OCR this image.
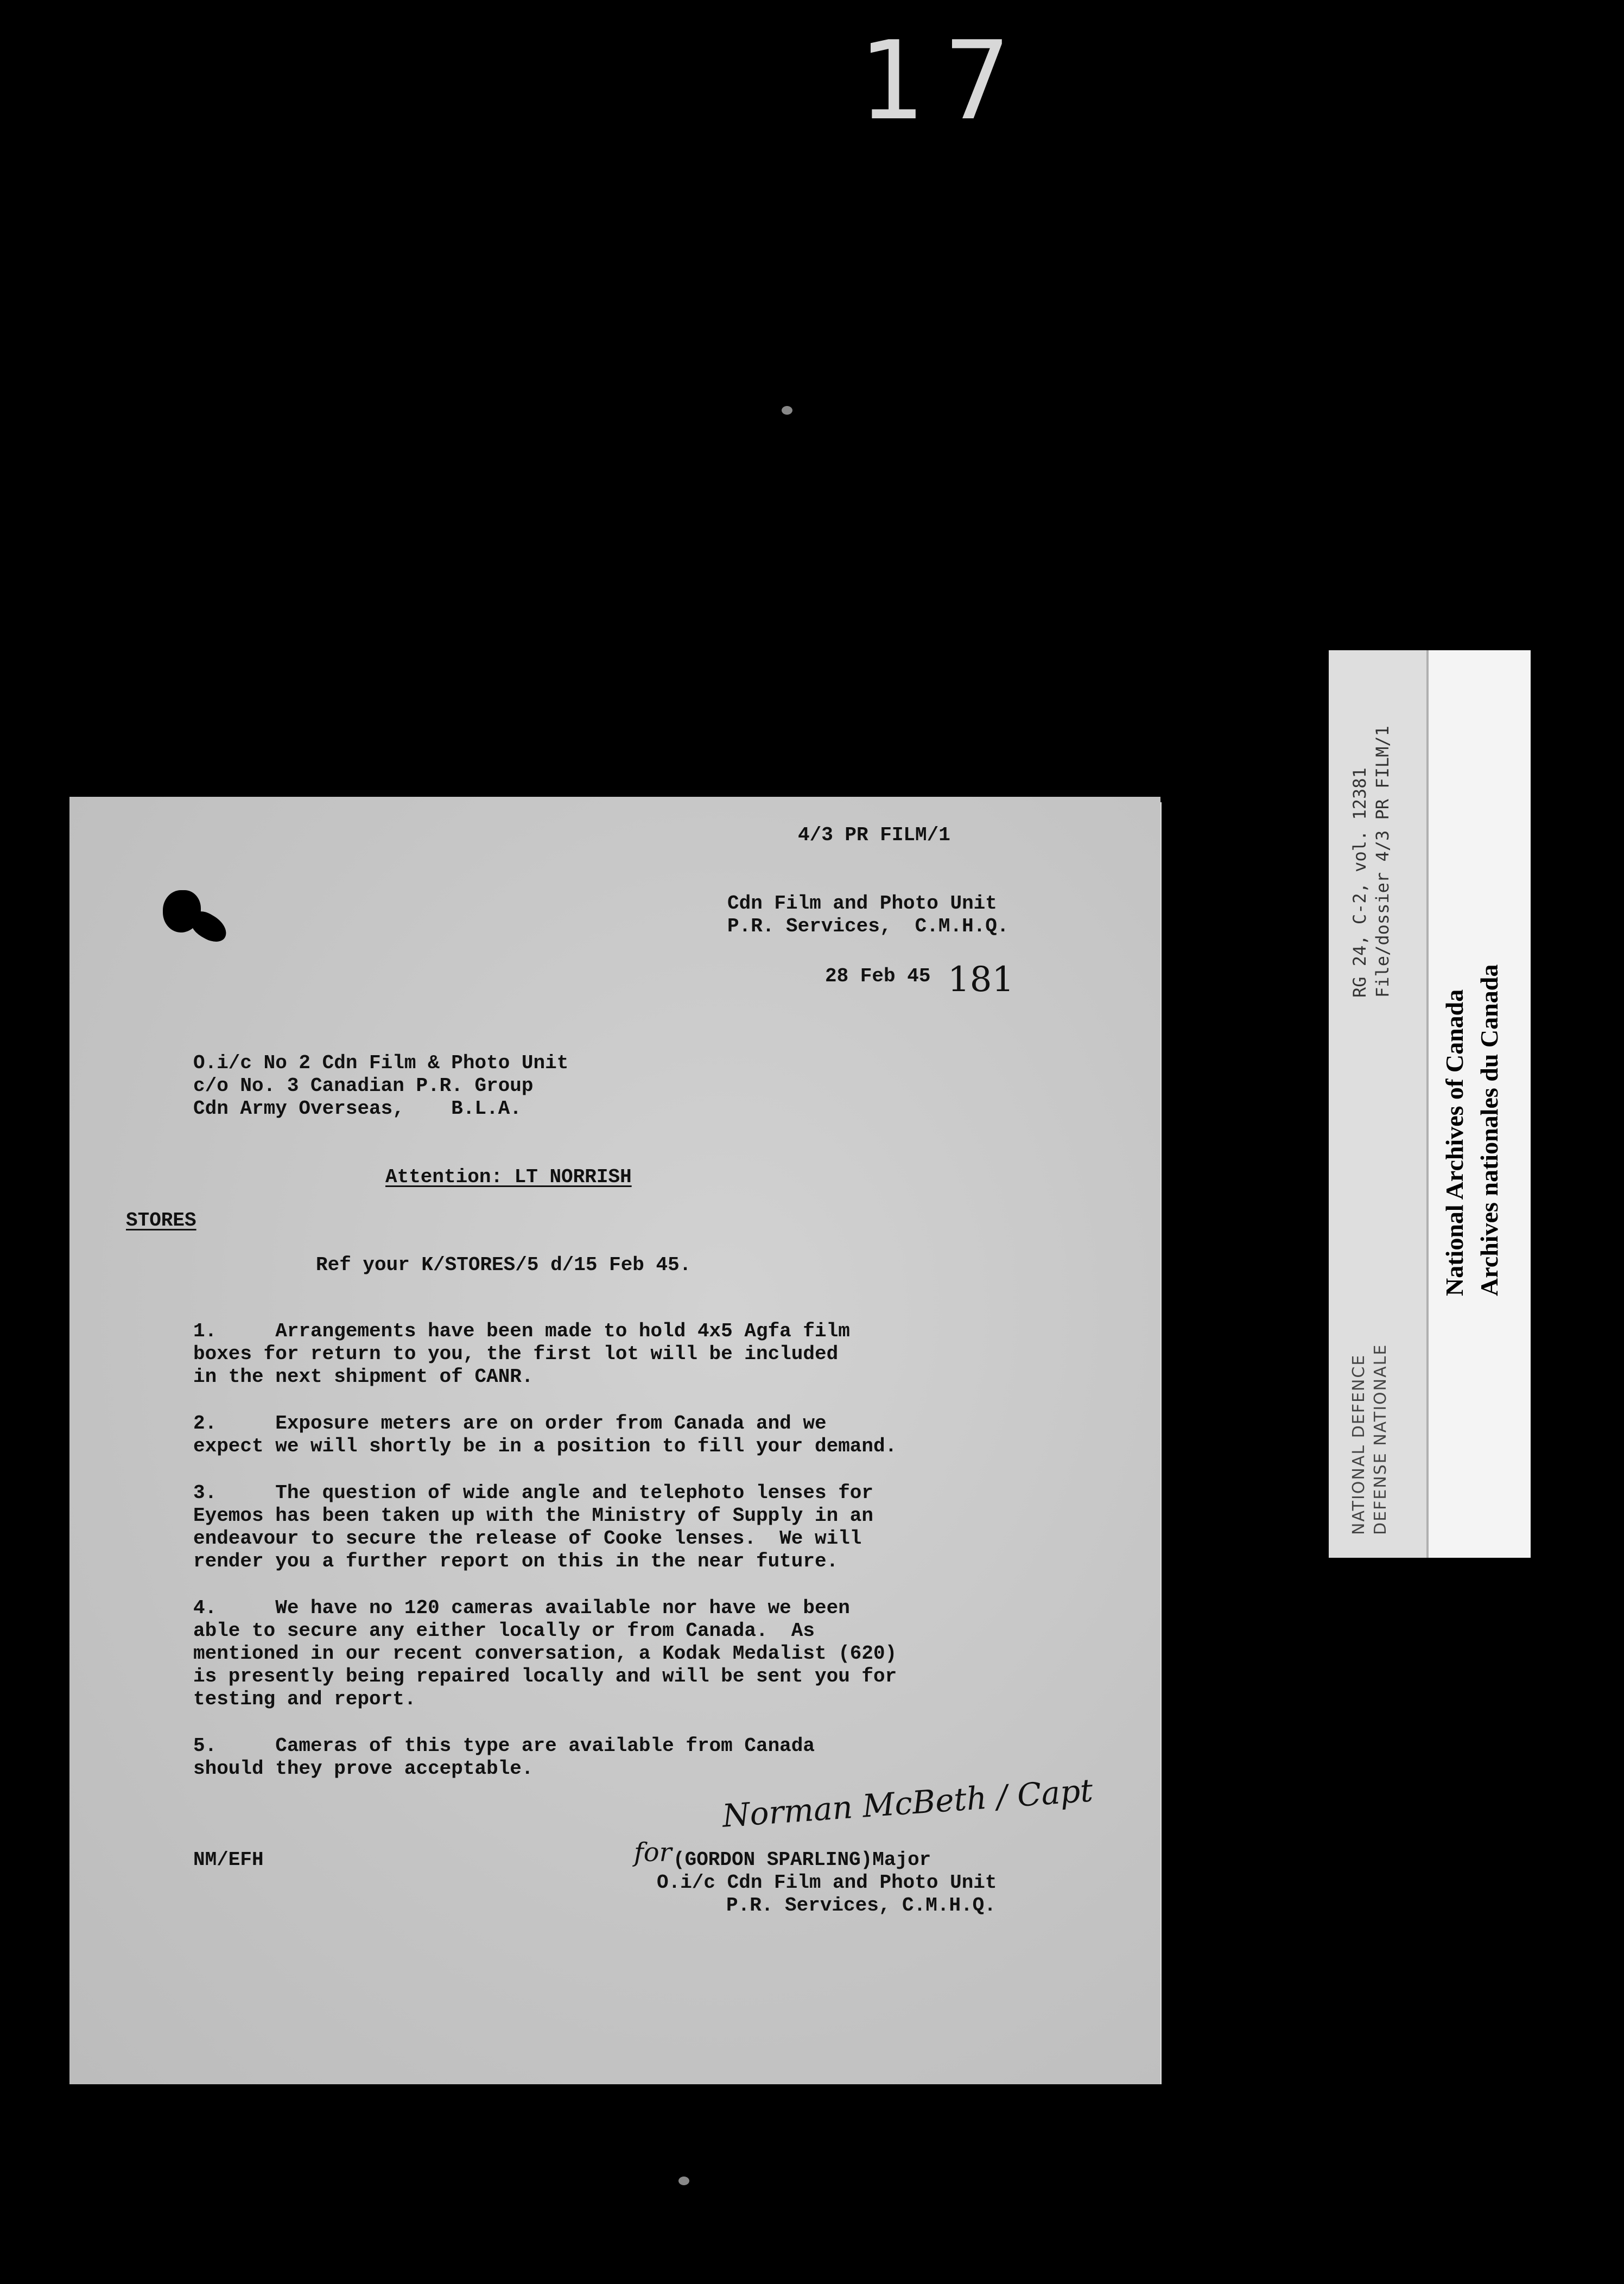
17
RG 24, C-2, vol. 12381 File/dossier 4/3 PR FILM/1
NATIONAL DEFENCE DEFENSE NATIONALE
National Archives of Canada Archives nationales du Canada
4/3 PR FILM/1
Cdn Film and Photo Unit
P.R. Services,  C.M.H.Q.
28 Feb 45 181
O.i/c No 2 Cdn Film & Photo Unit
c/o No. 3 Canadian P.R. Group
Cdn Army Overseas,    B.L.A.
Attention: LT NORRISH
STORES
Ref your K/STORES/5 d/15 Feb 45.
1.     Arrangements have been made to hold 4x5 Agfa film
boxes for return to you, the first lot will be included
in the next shipment of CANR.
2.     Exposure meters are on order from Canada and we
expect we will shortly be in a position to fill your demand.
3.     The question of wide angle and telephoto lenses for
Eyemos has been taken up with the Ministry of Supply in an
endeavour to secure the release of Cooke lenses.  We will
render you a further report on this in the near future.
4.     We have no 120 cameras available nor have we been
able to secure any either locally or from Canada.  As
mentioned in our recent conversation, a Kodak Medalist (620)
is presently being repaired locally and will be sent you for
testing and report.
5.     Cameras of this type are available from Canada
should they prove acceptable.
Norman McBeth / Capt
for
NM/EFH	(GORDON SPARLING)Major
O.i/c Cdn Film and Photo Unit
P.R. Services, C.M.H.Q.
